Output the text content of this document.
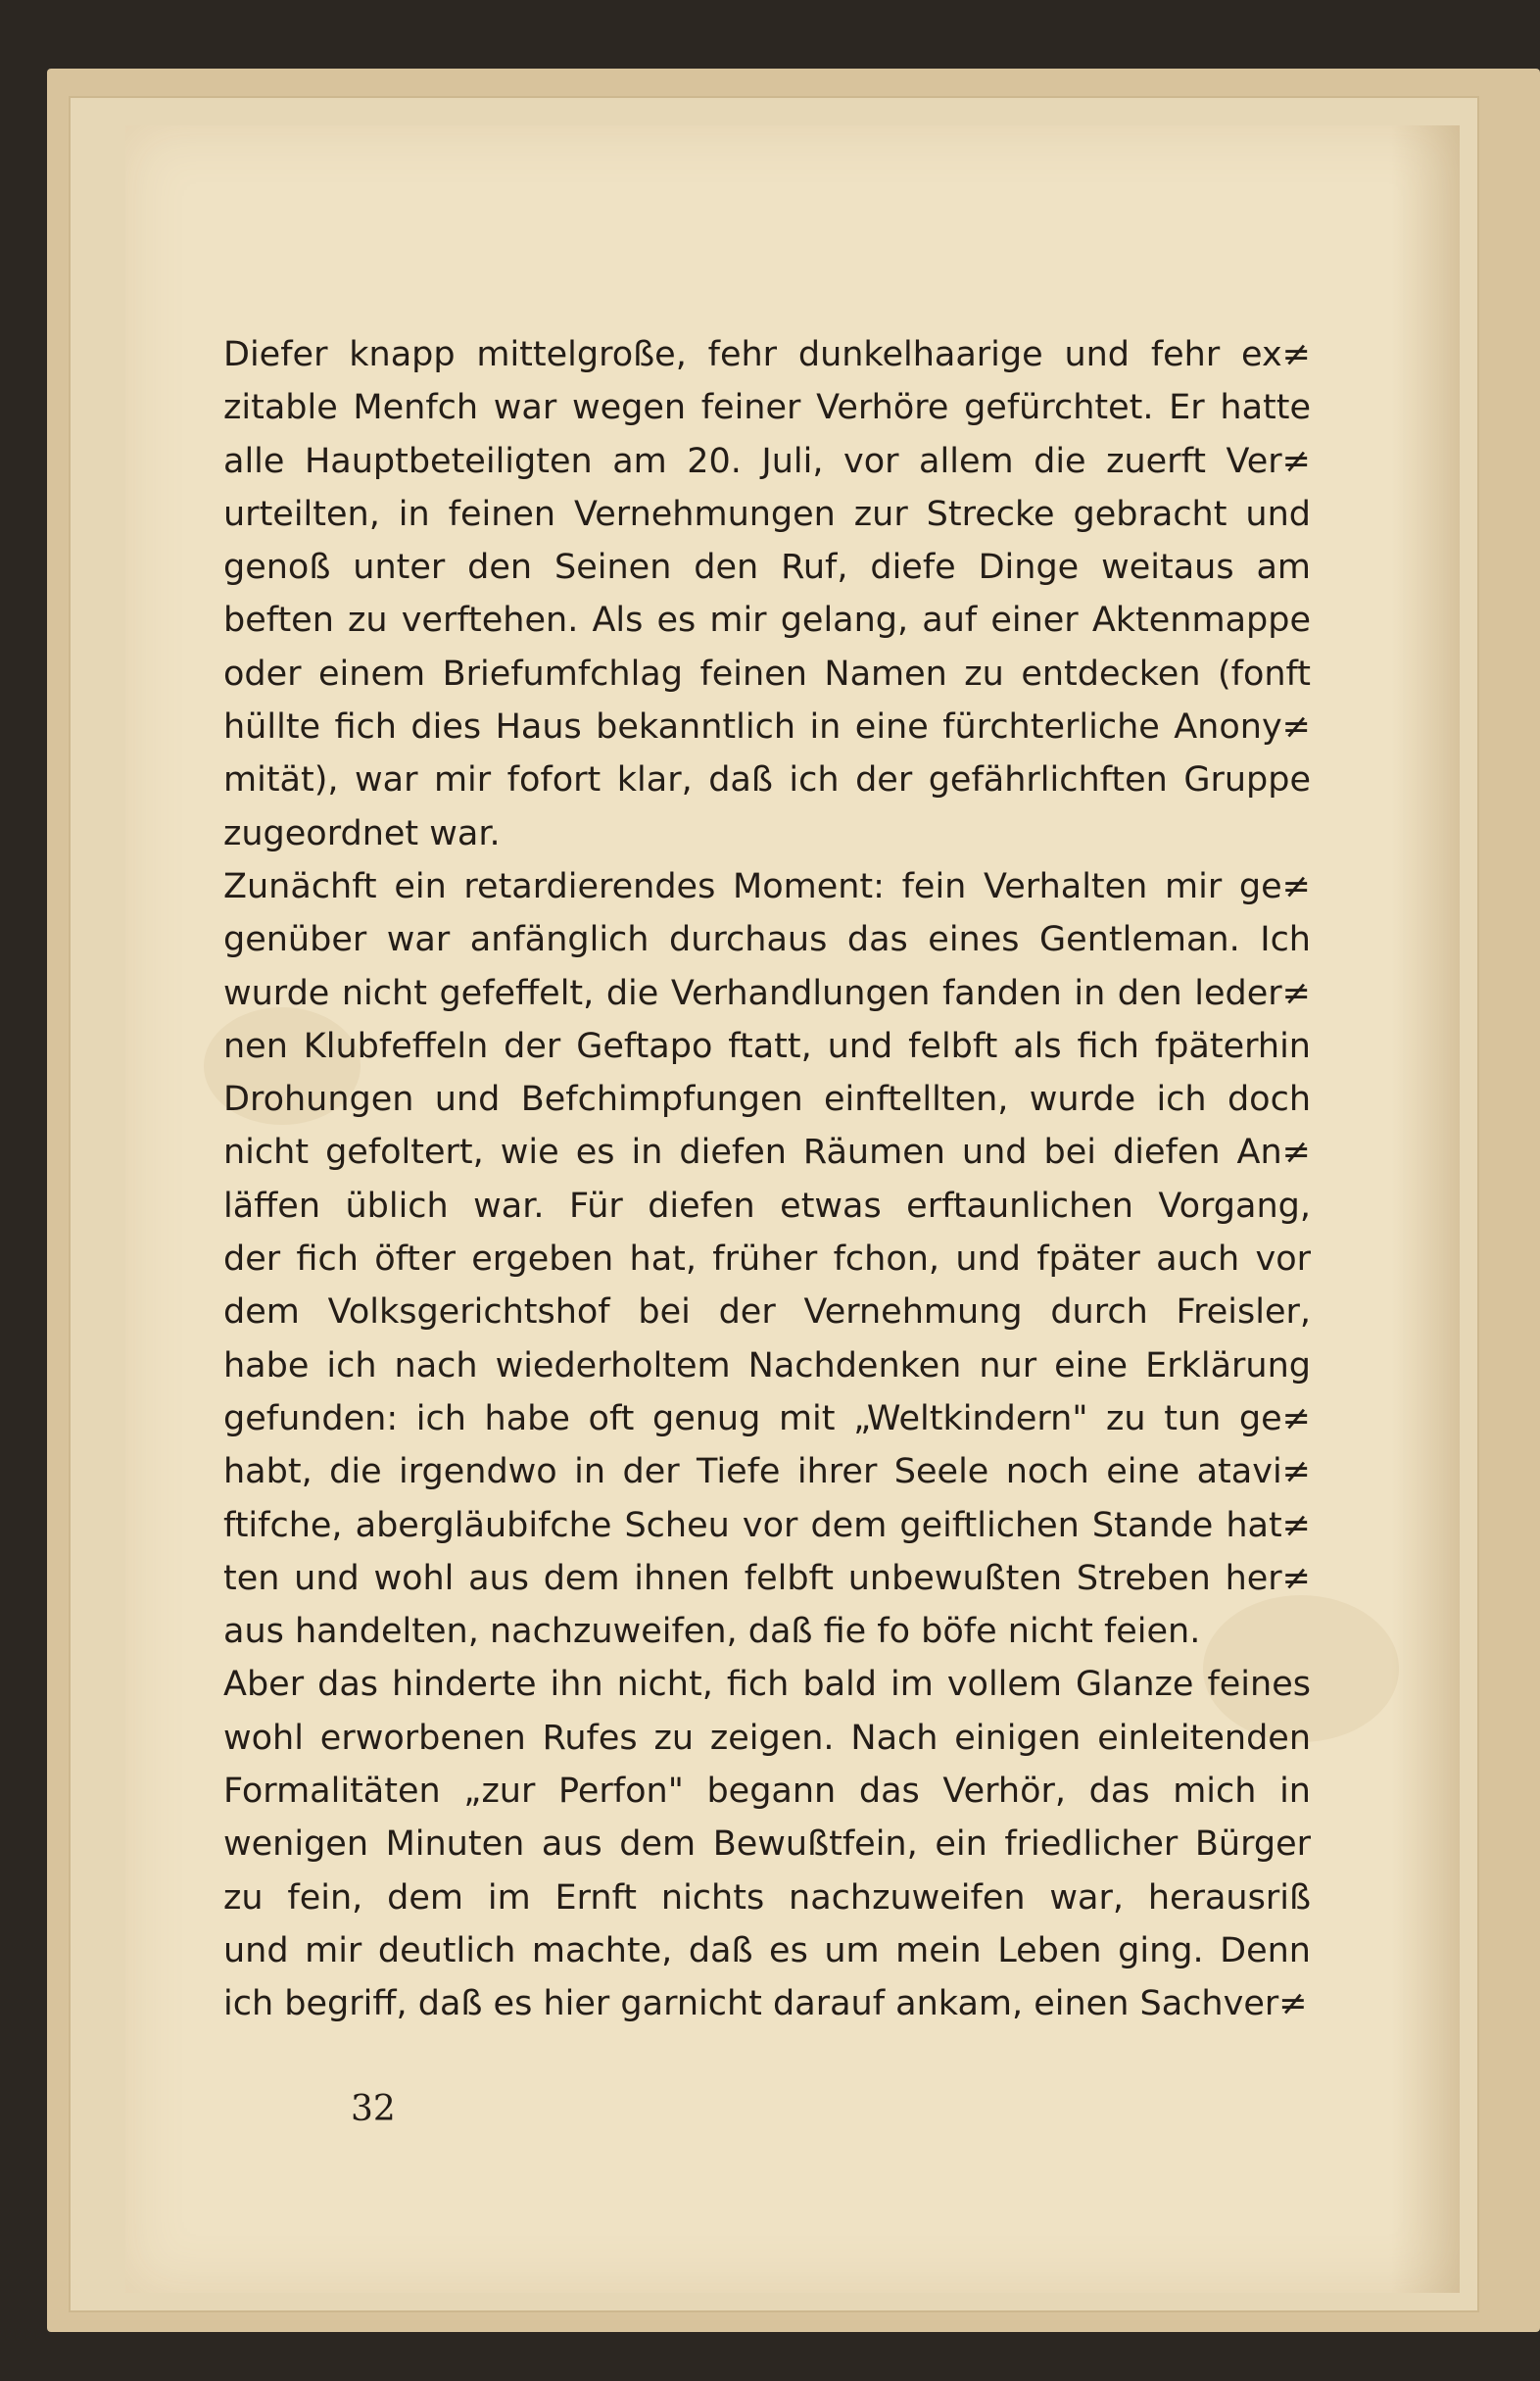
Diefer knapp mittelgroße, fehr dunkelhaarige und fehr ex≠
zitable Menfch war wegen feiner Verhöre gefürchtet. Er hatte
alle Hauptbeteiligten am 20. Juli, vor allem die zuerft Ver≠
urteilten, in feinen Vernehmungen zur Strecke gebracht und
genoß unter den Seinen den Ruf, diefe Dinge weitaus am
beften zu verftehen. Als es mir gelang, auf einer Aktenmappe
oder einem Briefumfchlag feinen Namen zu entdecken (fonft
hüllte fich dies Haus bekanntlich in eine fürchterliche Anony≠
mität), war mir fofort klar, daß ich der gefährlichften Gruppe
zugeordnet war.
Zunächft ein retardierendes Moment: fein Verhalten mir ge≠
genüber war anfänglich durchaus das eines Gentleman. Ich
wurde nicht gefeffelt, die Verhandlungen fanden in den leder≠
nen Klubfeffeln der Geftapo ftatt, und felbft als fich fpäterhin
Drohungen und Befchimpfungen einftellten, wurde ich doch
nicht gefoltert, wie es in diefen Räumen und bei diefen An≠
läffen üblich war. Für diefen etwas erftaunlichen Vorgang,
der fich öfter ergeben hat, früher fchon, und fpäter auch vor
dem Volksgerichtshof bei der Vernehmung durch Freisler,
habe ich nach wiederholtem Nachdenken nur eine Erklärung
gefunden: ich habe oft genug mit „Weltkindern" zu tun ge≠
habt, die irgendwo in der Tiefe ihrer Seele noch eine atavi≠
ftifche, abergläubifche Scheu vor dem geiftlichen Stande hat≠
ten und wohl aus dem ihnen felbft unbewußten Streben her≠
aus handelten, nachzuweifen, daß fie fo böfe nicht feien.
Aber das hinderte ihn nicht, fich bald im vollem Glanze feines
wohl erworbenen Rufes zu zeigen. Nach einigen einleitenden
Formalitäten „zur Perfon" begann das Verhör, das mich in
wenigen Minuten aus dem Bewußtfein, ein friedlicher Bürger
zu fein, dem im Ernft nichts nachzuweifen war, herausriß
und mir deutlich machte, daß es um mein Leben ging. Denn
ich begriff, daß es hier garnicht darauf ankam, einen Sachver≠
32
